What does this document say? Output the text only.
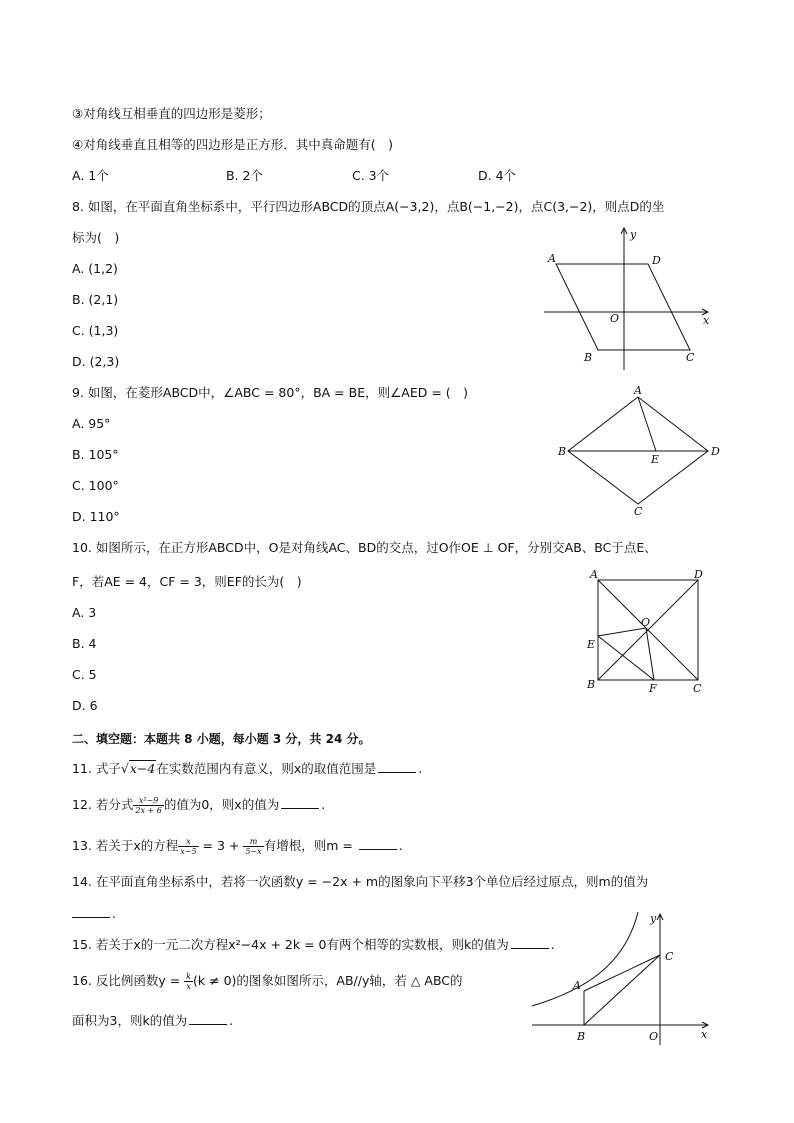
③对角线互相垂直的四边形是菱形；
④对角线垂直且相等的四边形是正方形．其中真命题有(　)
A. 1个	B. 2个	C. 3个	D. 4个
8. 如图，在平面直角坐标系中，平行四边形ABCD的顶点A(−3,2)，点B(−1,−2)，点C(3,−2)，则点D的坐
标为(　)
A. (1,2)
B. (2,1)
C. (1,3)
D. (2,3)
A	D
B	C
O	x
y
9. 如图，在菱形ABCD中，∠ABC = 80°，BA = BE，则∠AED = (　)
A. 95°
B. 105°
C. 100°
D. 110°
A
B
C
D
E
10. 如图所示，在正方形ABCD中，O是对角线AC、BD的交点，过O作OE ⊥ OF，分别交AB、BC于点E、
F，若AE = 4，CF = 3，则EF的长为(　)
A. 3
B. 4
C. 5
D. 6
A	D
O
E
B	F	C
二、填空题：本题共 8 小题，每小题 3 分，共 24 分。
11. 式子√x−4在实数范围内有意义，则x的取值范围是	.
12. 若分式 $\frac{\text{x²−9}}{2x + 6}$ 的值为0，则x的值为	.
13. 若关于x的方程 $\frac{x}{x-5} = 3 + \frac{m}{5-x}$ 有增根，则m =	.
14. 在平面直角坐标系中，若将一次函数y = −2x + m的图象向下平移3个单位后经过原点，则m的值为
.
15. 若关于x的一元二次方程x²−4x + 2k = 0有两个相等的实数根，则k的值为	.
16. 反比例函数$y = \frac{k}{x} (k \ne 0)$的图象如图所示，AB//y轴，若 △ ABC的
面积为3，则k的值为	.
A
B
C
O	x
y
